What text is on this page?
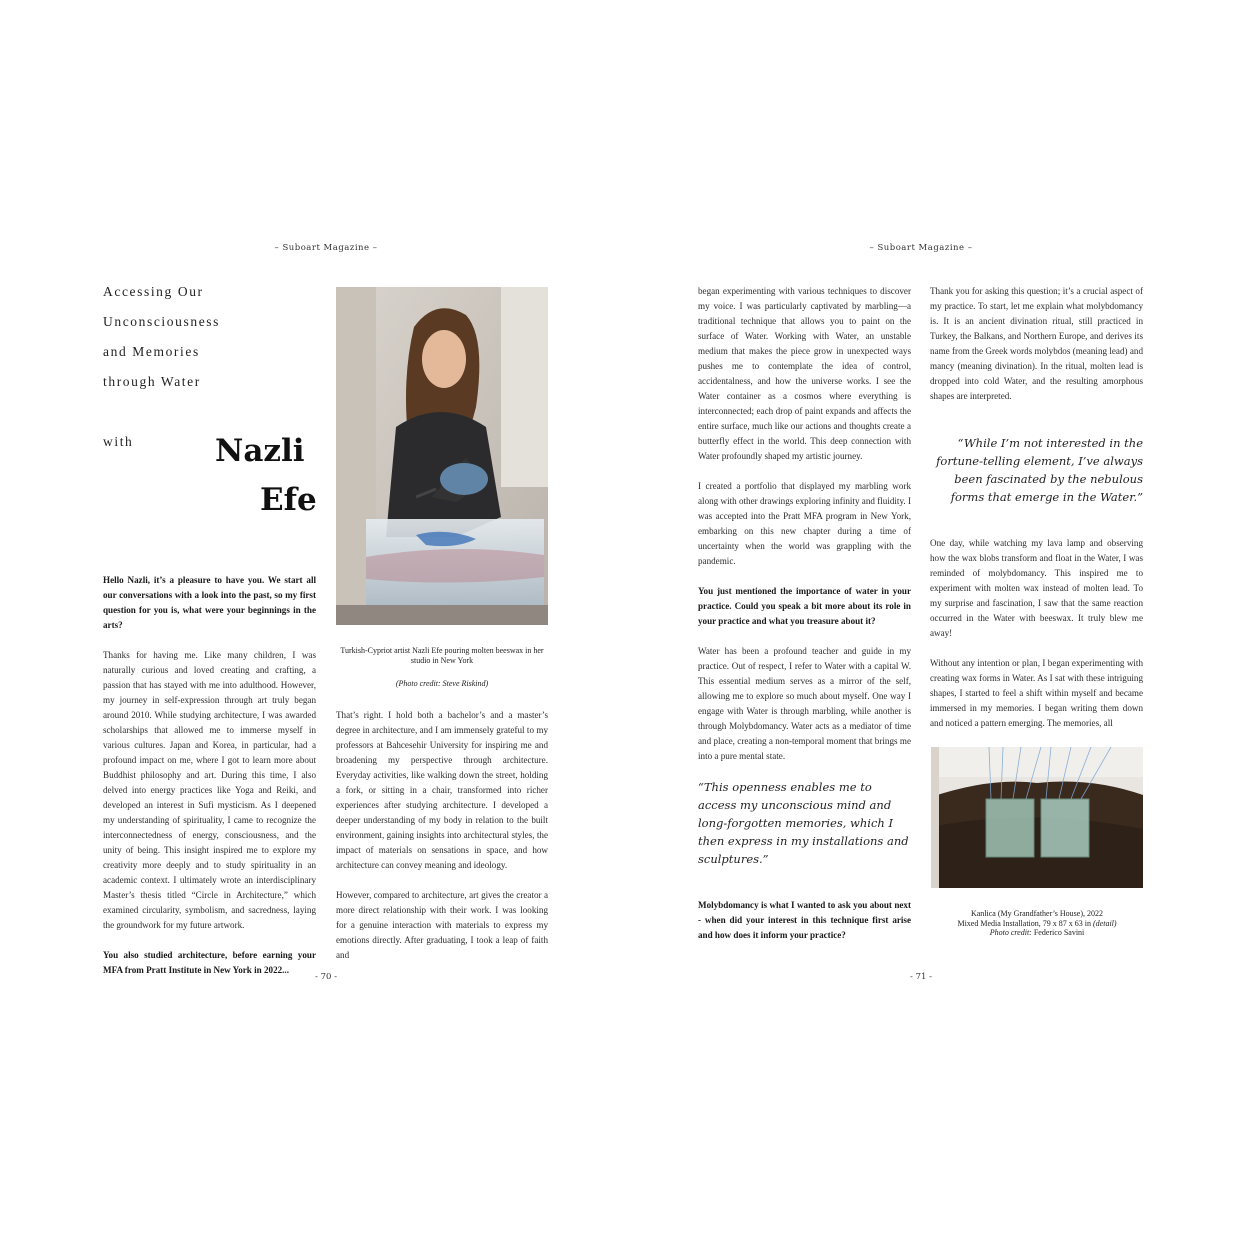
– Suboart Magazine –
Accessing Our
Unconsciousness
and Memories
through Water
with	Nazli
Efe
Turkish-Cypriot artist Nazli Efe pouring molten beeswax in her studio in New York
(Photo credit: Steve Riskind)

Hello Nazli, it’s a pleasure to have you. We start all our conversations with a look into the past, so my first question for you is, what were your beginnings in the arts?

Thanks for having me. Like many children, I was naturally curious and loved creating and crafting, a passion that has stayed with me into adulthood. However, my journey in self-expression through art truly began around 2010. While studying architecture, I was awarded scholarships that allowed me to immerse myself in various cultures. Japan and Korea, in particular, had a profound impact on me, where I got to learn more about Buddhist philosophy and art. During this time, I also delved into energy practices like Yoga and Reiki, and developed an interest in Sufi mysticism. As I deepened my understanding of spirituality, I came to recognize the interconnectedness of energy, consciousness, and the unity of being. This insight inspired me to explore my creativity more deeply and to study spirituality in an academic context. I ultimately wrote an interdisciplinary Master’s thesis titled “Circle in Architecture,” which examined circularity, symbolism, and sacredness, laying the groundwork for my future artwork.

You also studied architecture, before earning your MFA from Pratt Institute in New York in 2022...

That’s right. I hold both a bachelor’s and a master’s degree in architecture, and I am immensely grateful to my professors at Bahcesehir University for inspiring me and broadening my perspective through architecture. Everyday activities, like walking down the street, holding a fork, or sitting in a chair, transformed into richer experiences after studying architecture. I developed a deeper understanding of my body in relation to the built environment, gaining insights into architectural styles, the impact of materials on sensations in space, and how architecture can convey meaning and ideology.

However, compared to architecture, art gives the creator a more direct relationship with their work. I was looking for a genuine interaction with materials to express my emotions directly. After graduating, I took a leap of faith and

- 70 -
– Suboart Magazine –

began experimenting with various techniques to discover my voice. I was particularly captivated by marbling—a traditional technique that allows you to paint on the surface of Water. Working with Water, an unstable medium that makes the piece grow in unexpected ways pushes me to contemplate the idea of control, accidentalness, and how the universe works. I see the Water container as a cosmos where everything is interconnected; each drop of paint expands and affects the entire surface, much like our actions and thoughts create a butterfly effect in the world. This deep connection with Water profoundly shaped my artistic journey.

I created a portfolio that displayed my marbling work along with other drawings exploring infinity and fluidity. I was accepted into the Pratt MFA program in New York, embarking on this new chapter during a time of uncertainty when the world was grappling with the pandemic.

You just mentioned the importance of water in your practice. Could you speak a bit more about its role in your practice and what you treasure about it?

Water has been a profound teacher and guide in my practice. Out of respect, I refer to Water with a capital W. This essential medium serves as a mirror of the self, allowing me to explore so much about myself. One way I engage with Water is through marbling, while another is through Molybdomancy. Water acts as a mediator of time and place, creating a non-temporal moment that brings me into a pure mental state.

“This openness enables me to access my unconscious mind and long-forgotten memories, which I then express in my installations and sculptures.”

Molybdomancy is what I wanted to ask you about next - when did your interest in this technique first arise and how does it inform your practice?

Thank you for asking this question; it’s a crucial aspect of my practice. To start, let me explain what molybdomancy is. It is an ancient divination ritual, still practiced in Turkey, the Balkans, and Northern Europe, and derives its name from the Greek words molybdos (meaning lead) and mancy (meaning divination). In the ritual, molten lead is dropped into cold Water, and the resulting amorphous shapes are interpreted.

“While I’m not interested in the fortune-telling element, I’ve always been fascinated by the nebulous forms that emerge in the Water.”

One day, while watching my lava lamp and observing how the wax blobs transform and float in the Water, I was reminded of molybdomancy. This inspired me to experiment with molten wax instead of molten lead. To my surprise and fascination, I saw that the same reaction occurred in the Water with beeswax. It truly blew me away!

Without any intention or plan, I began experimenting with creating wax forms in Water. As I sat with these intriguing shapes, I started to feel a shift within myself and became immersed in my memories. I began writing them down and noticed a pattern emerging. The memories, all

Kanlica (My Grandfather’s House), 2022
Mixed Media Installation, 79 x 87 x 63 in (detail)
Photo credit: Federico Savini
- 71 -
